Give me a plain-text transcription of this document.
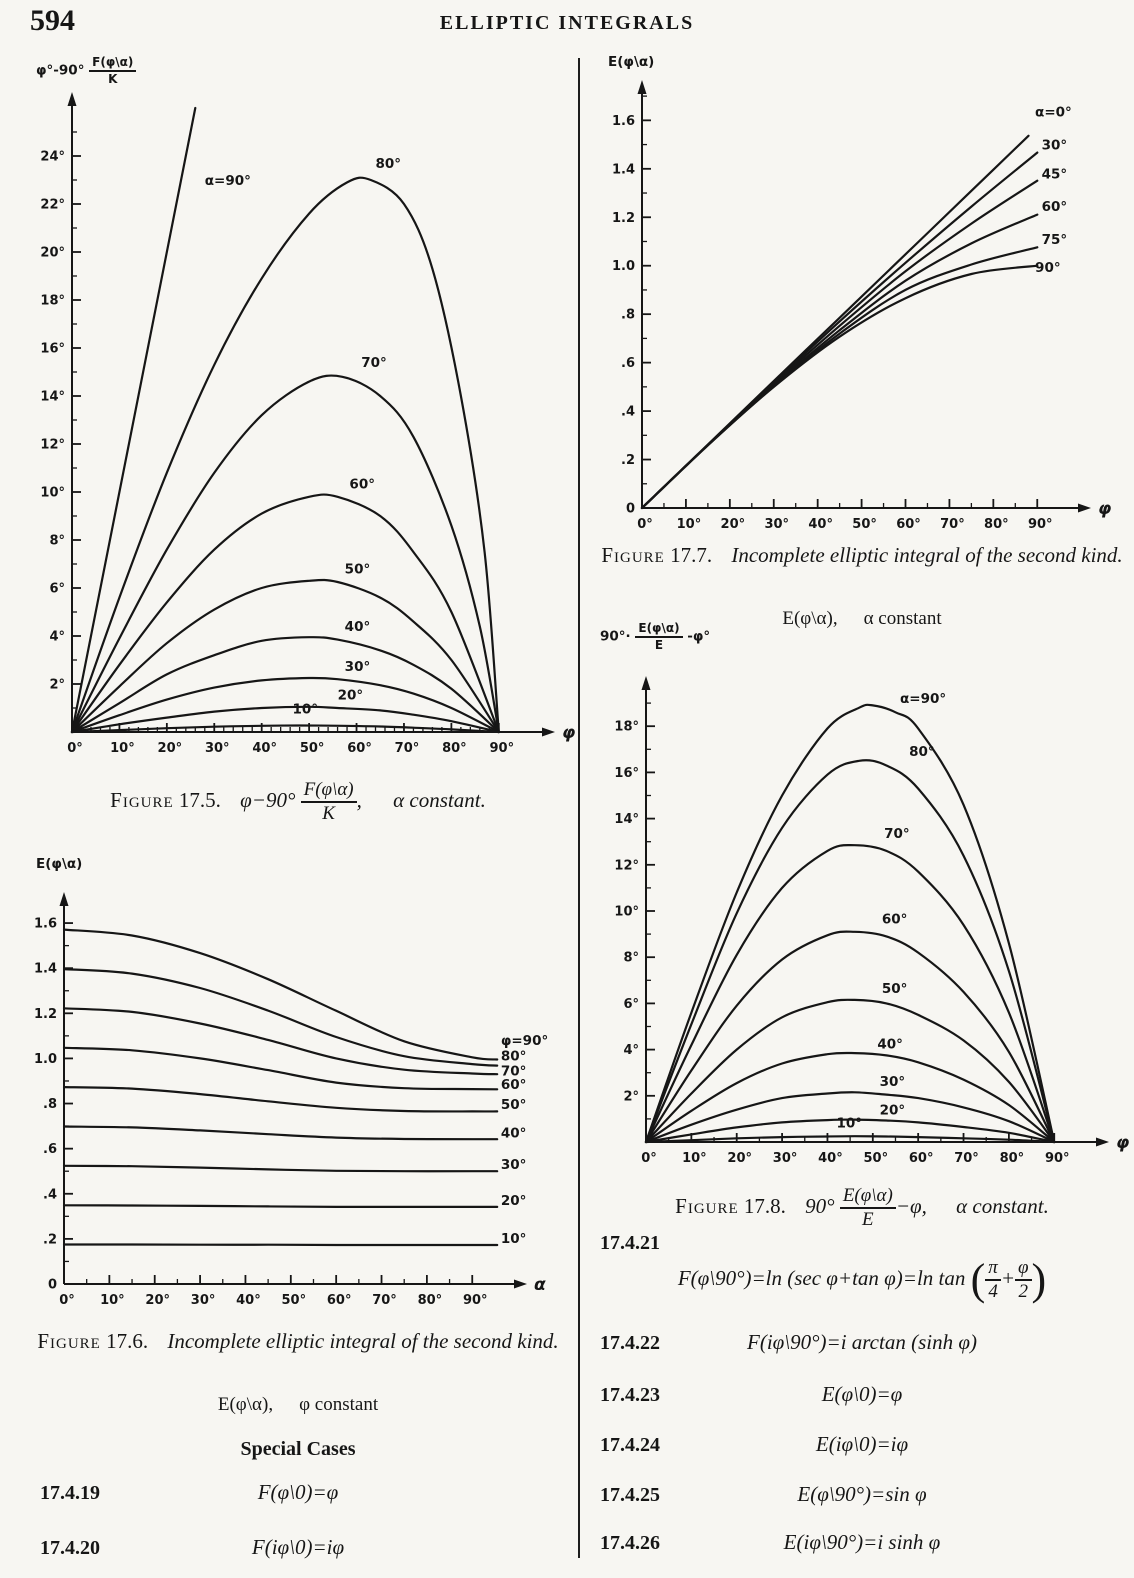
594	ELLIPTIC INTEGRALS
$\varphi^\circ-90^\circ \frac{F(\varphi\backslash\alpha)}{K}$
φ
0° 10° 20° 30° 40° 50° 60° 70° 80° 90°
2°
4°
6°
8°
10°
12°
14°
16°
18°
20°
22°
24°
α=90°
80°
70°
60°
50°
40°
30°
20°
10°
Figure 17.5. $\varphi-90^\circ \frac{F(\varphi\backslash\alpha)}{K}$ , α constant.
E(φ\α)
α
0° 10° 20° 30° 40° 50° 60° 70° 80° 90°
0
.2
.4
.6
.8
1.0
1.2
1.4
1.6
φ=90°
80°
70°
60°
50°
40°
30°
20°
10°
Figure 17.6. Incomplete elliptic integral of the second kind.
E(φ\α), φ constant
Special Cases
17.4.19	F(φ\0)=φ
17.4.20	F(iφ\0)=iφ
E(φ\α)
φ
0° 10° 20° 30° 40° 50° 60° 70° 80° 90°
0
.2
.4
.6
.8
1.0
1.2
1.4
1.6
α=0°
30°
45°
60°
75°
90°
Figure 17.7. Incomplete elliptic integral of the second kind.
E(φ\α), α constant
$90^\circ\cdot \frac{E(\varphi\backslash\alpha)}{E} -\varphi^\circ$
φ
0° 10° 20° 30° 40° 50° 60° 70° 80° 90°
2°
4°
6°
8°
10°
12°
14°
16°
18°
α=90°
80°
70°
60°
50°
40°
30°
20°
10°
Figure 17.8. $90^\circ \frac{E(\varphi\backslash\alpha)}{E} -\varphi$, α constant.
17.4.21
F(φ\90°)=ln (sec φ+tan φ)=ln tan ( $\frac{\pi}{4} + \frac{\varphi}{2}$ )
17.4.22	F(iφ\90°)=i arctan (sinh φ)
17.4.23	E(φ\0)=φ
17.4.24	E(iφ\0)=iφ
17.4.25	E(φ\90°)=sin φ
17.4.26	E(iφ\90°)=i sinh φ
